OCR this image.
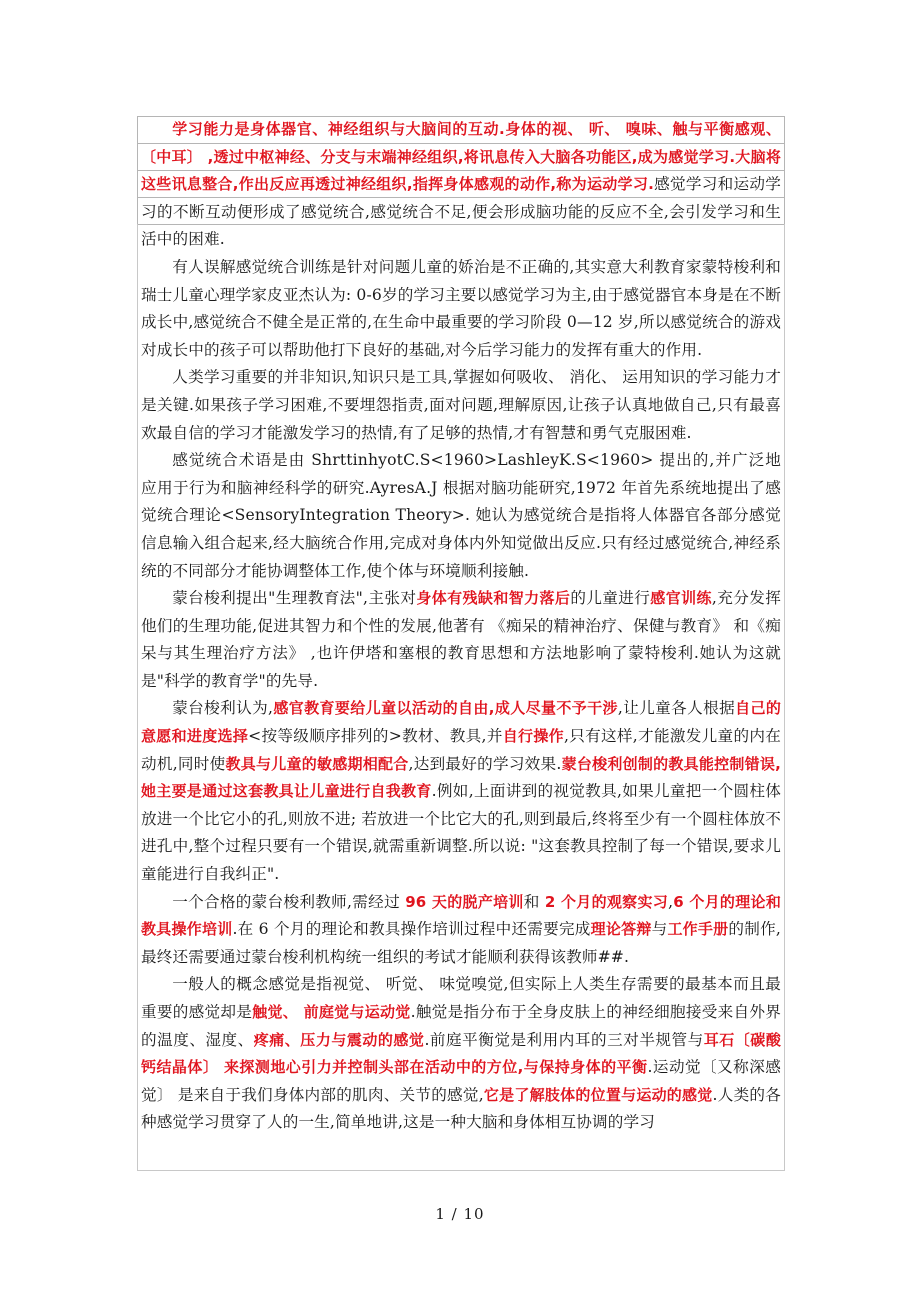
学习能力是身体器官、神经组织与大脑间的互动.身体的视、 听、 嗅味、触与平衡感观、〔中耳〕 ,透过中枢神经、分支与末端神经组织,将讯息传入大脑各功能区,成为感觉学习.大脑将这些讯息整合,作出反应再透过神经组织,指挥身体感观的动作,称为运动学习.感觉学习和运动学习的不断互动便形成了感觉统合,感觉统合不足,便会形成脑功能的反应不全,会引发学习和生活中的困难.

有人误解感觉统合训练是针对问题儿童的娇治是不正确的,其实意大利教育家蒙特梭利和瑞士儿童心理学家皮亚杰认为: 0-6岁的学习主要以感觉学习为主,由于感觉器官本身是在不断成长中,感觉统合不健全是正常的,在生命中最重要的学习阶段 0—12 岁,所以感觉统合的游戏对成长中的孩子可以帮助他打下良好的基础,对今后学习能力的发挥有重大的作用.

人类学习重要的并非知识,知识只是工具,掌握如何吸收、 消化、 运用知识的学习能力才是关键.如果孩子学习困难,不要埋怨指责,面对问题,理解原因,让孩子认真地做自己,只有最喜欢最自信的学习才能激发学习的热情,有了足够的热情,才有智慧和勇气克服困难.

感觉统合术语是由 ShrttinhyotC.S<1960>LashleyK.S<1960> 提出的,并广泛地应用于行为和脑神经科学的研究.AyresA.J 根据对脑功能研究,1972 年首先系统地提出了感觉统合理论<SensoryIntegration Theory>. 她认为感觉统合是指将人体器官各部分感觉信息输入组合起来,经大脑统合作用,完成对身体内外知觉做出反应.只有经过感觉统合,神经系统的不同部分才能协调整体工作,使个体与环境顺利接触.

蒙台梭利提出"生理教育法",主张对身体有残缺和智力落后的儿童进行感官训练,充分发挥他们的生理功能,促进其智力和个性的发展,他著有 《痴呆的精神治疗、保健与教育》 和《痴呆与其生理治疗方法》 ,也许伊塔和塞根的教育思想和方法地影响了蒙特梭利.她认为这就是"科学的教育学"的先导.

蒙台梭利认为,感官教育要给儿童以活动的自由,成人尽量不予干涉,让儿童各人根据自己的意愿和进度选择<按等级顺序排列的>教材、教具,并自行操作,只有这样,才能激发儿童的内在动机,同时使教具与儿童的敏感期相配合,达到最好的学习效果.蒙台梭利创制的教具能控制错误,她主要是通过这套教具让儿童进行自我教育.例如,上面讲到的视觉教具,如果儿童把一个圆柱体放进一个比它小的孔,则放不进; 若放进一个比它大的孔,则到最后,终将至少有一个圆柱体放不进孔中,整个过程只要有一个错误,就需重新调整.所以说: "这套教具控制了每一个错误,要求儿童能进行自我纠正".

一个合格的蒙台梭利教师,需经过 96 天的脱产培训和 2 个月的观察实习,6 个月的理论和教具操作培训.在 6 个月的理论和教具操作培训过程中还需要完成理论答辩与工作手册的制作,最终还需要通过蒙台梭利机构统一组织的考试才能顺利获得该教师##.

一般人的概念感觉是指视觉、 听觉、 味觉嗅觉,但实际上人类生存需要的最基本而且最重要的感觉却是触觉、 前庭觉与运动觉.触觉是指分布于全身皮肤上的神经细胞接受来自外界的温度、湿度、疼痛、压力与震动的感觉.前庭平衡觉是利用内耳的三对半规管与耳石〔碳酸钙结晶体〕 来探测地心引力并控制头部在活动中的方位,与保持身体的平衡.运动觉〔又称深感觉〕 是来自于我们身体内部的肌肉、关节的感觉,它是了解肢体的位置与运动的感觉.人类的各种感觉学习贯穿了人的一生,简单地讲,这是一种大脑和身体相互协调的学习

1 / 10
